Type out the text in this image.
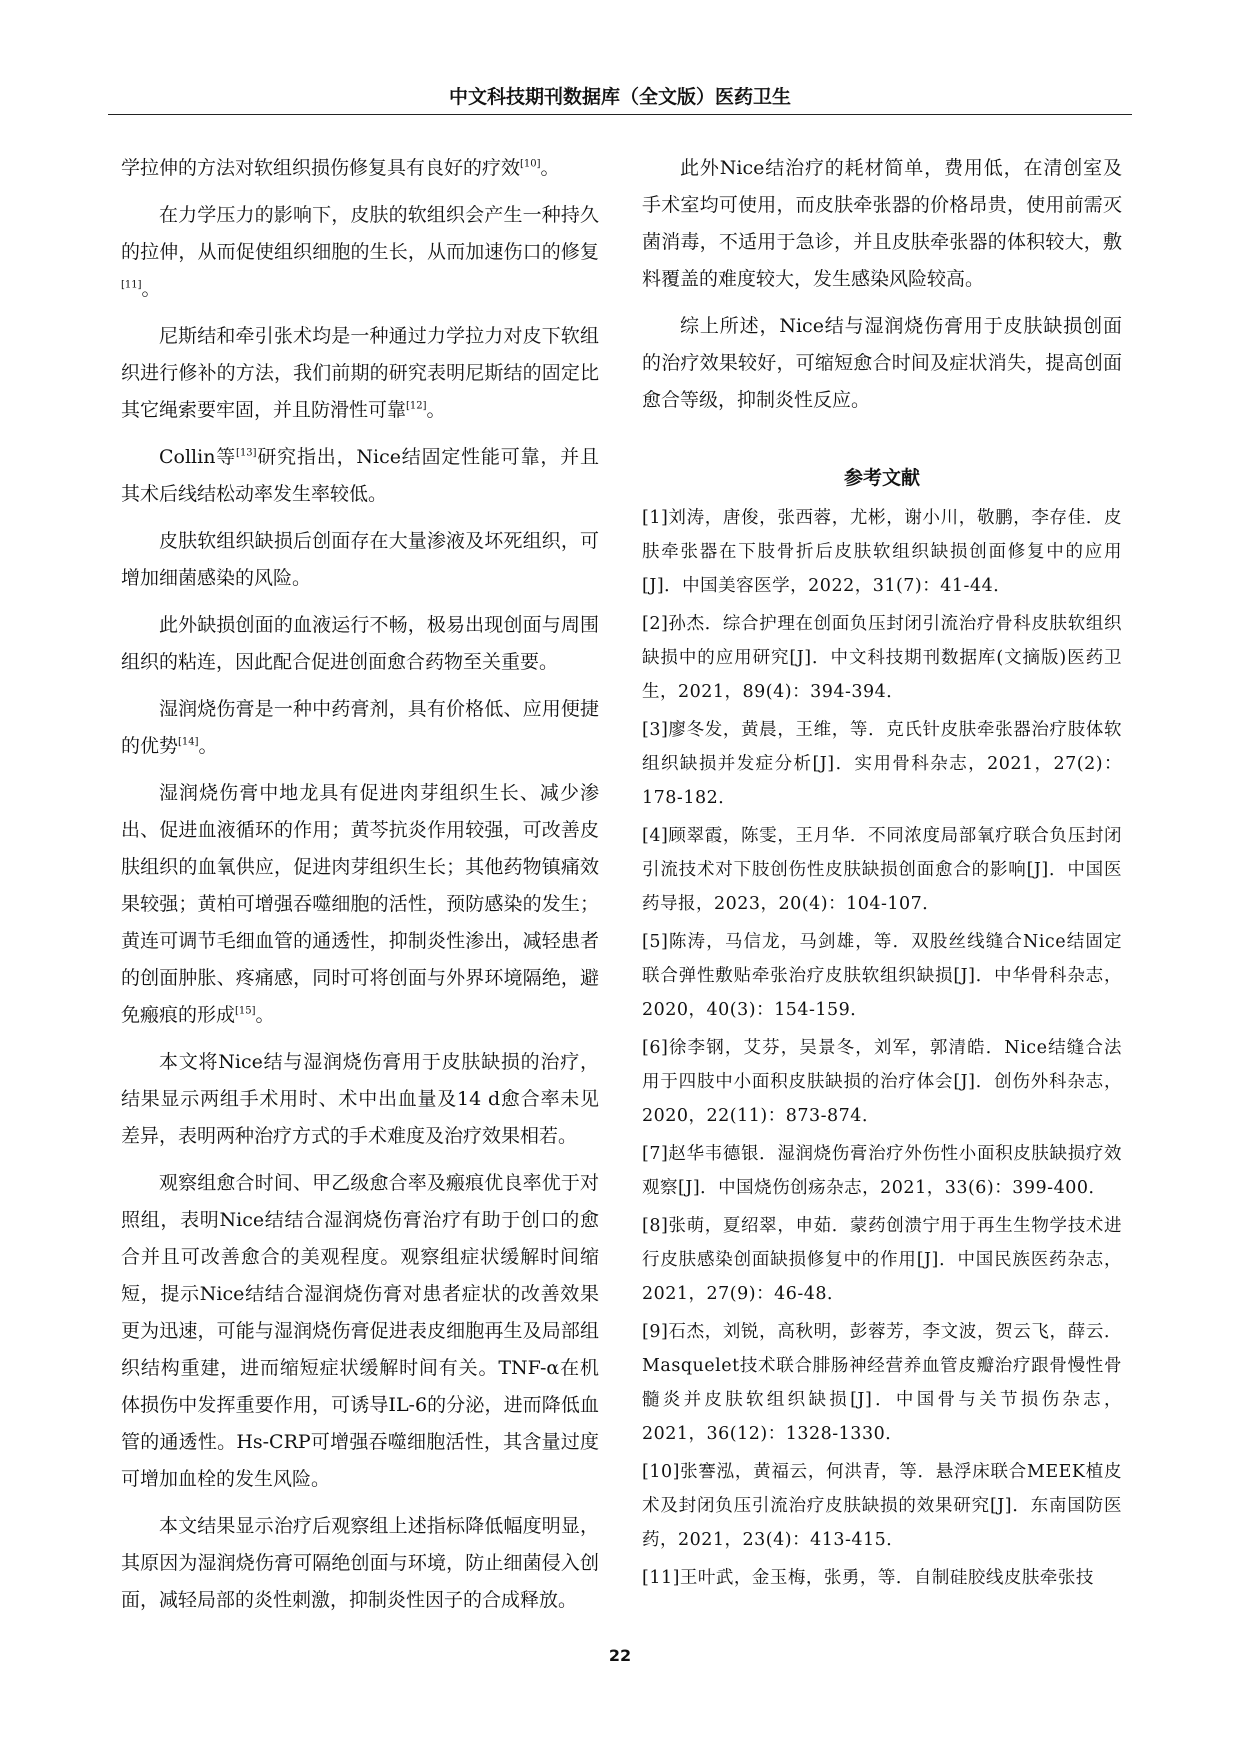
中文科技期刊数据库（全文版）医药卫生

学拉伸的方法对软组织损伤修复具有良好的疗效[10]。

在力学压力的影响下，皮肤的软组织会产生一种持久的拉伸，从而促使组织细胞的生长，从而加速伤口的修复[11]。

尼斯结和牵引张术均是一种通过力学拉力对皮下软组织进行修补的方法，我们前期的研究表明尼斯结的固定比其它绳索要牢固，并且防滑性可靠[12]。

Collin等[13]研究指出，Nice结固定性能可靠，并且其术后线结松动率发生率较低。

皮肤软组织缺损后创面存在大量渗液及坏死组织，可增加细菌感染的风险。

此外缺损创面的血液运行不畅，极易出现创面与周围组织的粘连，因此配合促进创面愈合药物至关重要。

湿润烧伤膏是一种中药膏剂，具有价格低、应用便捷的优势[14]。

湿润烧伤膏中地龙具有促进肉芽组织生长、减少渗出、促进血液循环的作用；黄芩抗炎作用较强，可改善皮肤组织的血氧供应，促进肉芽组织生长；其他药物镇痛效果较强；黄柏可增强吞噬细胞的活性，预防感染的发生；黄连可调节毛细血管的通透性，抑制炎性渗出，减轻患者的创面肿胀、疼痛感，同时可将创面与外界环境隔绝，避免瘢痕的形成[15]。

本文将Nice结与湿润烧伤膏用于皮肤缺损的治疗，结果显示两组手术用时、术中出血量及14 d愈合率未见差异，表明两种治疗方式的手术难度及治疗效果相若。

观察组愈合时间、甲乙级愈合率及瘢痕优良率优于对照组，表明Nice结结合湿润烧伤膏治疗有助于创口的愈合并且可改善愈合的美观程度。观察组症状缓解时间缩短，提示Nice结结合湿润烧伤膏对患者症状的改善效果更为迅速，可能与湿润烧伤膏促进表皮细胞再生及局部组织结构重建，进而缩短症状缓解时间有关。TNF-α在机体损伤中发挥重要作用，可诱导IL-6的分泌，进而降低血管的通透性。Hs-CRP可增强吞噬细胞活性，其含量过度可增加血栓的发生风险。

本文结果显示治疗后观察组上述指标降低幅度明显，其原因为湿润烧伤膏可隔绝创面与环境，防止细菌侵入创面，减轻局部的炎性刺激，抑制炎性因子的合成释放。

此外Nice结治疗的耗材简单，费用低，在清创室及手术室均可使用，而皮肤牵张器的价格昂贵，使用前需灭菌消毒，不适用于急诊，并且皮肤牵张器的体积较大，敷料覆盖的难度较大，发生感染风险较高。

综上所述，Nice结与湿润烧伤膏用于皮肤缺损创面的治疗效果较好，可缩短愈合时间及症状消失，提高创面愈合等级，抑制炎性反应。

参考文献
[1]刘涛，唐俊，张西蓉，尤彬，谢小川，敬鹏，李存佳．皮肤牵张器在下肢骨折后皮肤软组织缺损创面修复中的应用[J]．中国美容医学，2022，31(7)：41-44．
[2]孙杰．综合护理在创面负压封闭引流治疗骨科皮肤软组织缺损中的应用研究[J]．中文科技期刊数据库(文摘版)医药卫生，2021，89(4)：394-394．
[3]廖冬发，黄晨，王维，等．克氏针皮肤牵张器治疗肢体软组织缺损并发症分析[J]．实用骨科杂志，2021，27(2)：178-182．
[4]顾翠霞，陈雯，王月华．不同浓度局部氧疗联合负压封闭引流技术对下肢创伤性皮肤缺损创面愈合的影响[J]．中国医药导报，2023，20(4)：104-107．
[5]陈涛，马信龙，马剑雄，等．双股丝线缝合Nice结固定联合弹性敷贴牵张治疗皮肤软组织缺损[J]．中华骨科杂志，2020，40(3)：154-159．
[6]徐李钢，艾芬，吴景冬，刘军，郭清皓．Nice结缝合法用于四肢中小面积皮肤缺损的治疗体会[J]．创伤外科杂志，2020，22(11)：873-874．
[7]赵华韦德银．湿润烧伤膏治疗外伤性小面积皮肤缺损疗效观察[J]．中国烧伤创疡杂志，2021，33(6)：399-400．
[8]张萌，夏绍翠，申茹．蒙药创溃宁用于再生生物学技术进行皮肤感染创面缺损修复中的作用[J]．中国民族医药杂志，2021，27(9)：46-48．
[9]石杰，刘锐，高秋明，彭蓉芳，李文波，贺云飞，薛云．Masquelet技术联合腓肠神经营养血管皮瓣治疗跟骨慢性骨髓炎并皮肤软组织缺损[J]．中国骨与关节损伤杂志，2021，36(12)：1328-1330．
[10]张謇泓，黄福云，何洪青，等．悬浮床联合MEEK植皮术及封闭负压引流治疗皮肤缺损的效果研究[J]．东南国防医药，2021，23(4)：413-415．
[11]王叶武，金玉梅，张勇，等．自制硅胶线皮肤牵张技
22
